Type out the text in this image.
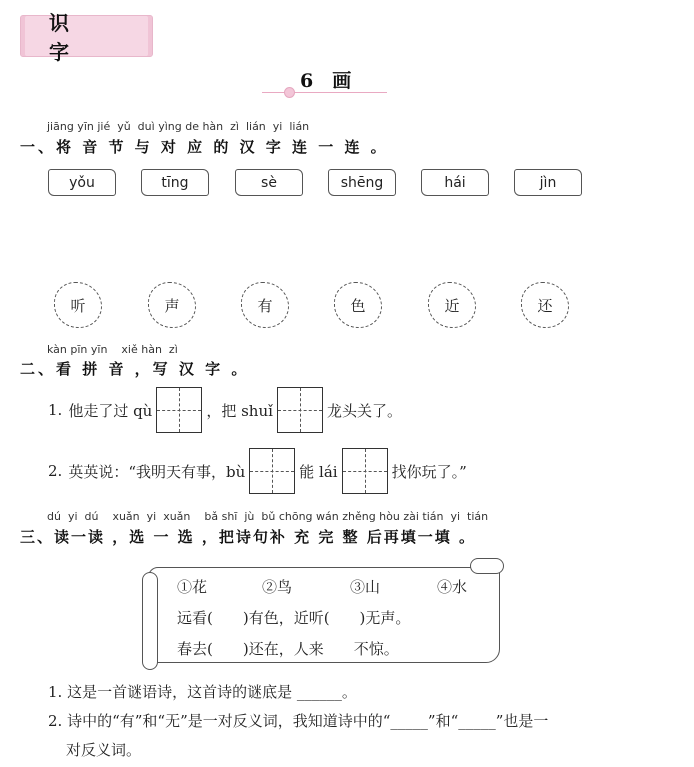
识　字
6　画
jiāng yīn jié  yǔ  duì yìng de hàn  zì  lián  yi  lián
一、将 音 节 与 对 应 的 汉 字 连 一 连 。
yǒu	tīng	sè	shēng	hái	jìn
听	声	有	色	近	还
kàn pīn yīn    xiě hàn  zì
二、看 拼 音 ，写 汉 字 。
1. 他走了过 qù	，把 shuǐ	龙头关了。
2. 英英说：“我明天有事，bù	能 lái	找你玩了。”
dú  yi  dú    xuǎn  yi  xuǎn    bǎ shī  jù  bǔ chōng wán zhěng hòu zài tián  yi  tián
三、读一读 ，选 一 选 ，把诗句补 充 完 整 后再填一填 。
①花	②鸟	③山	④水
远看(　　)有色，近听(　　)无声。
春去(　　)还在，人来　　不惊。
1. 这是一首谜语诗，这首诗的谜底是 ______。
2. 诗中的“有”和“无”是一对反义词，我知道诗中的“_____”和“_____”也是一
对反义词。
